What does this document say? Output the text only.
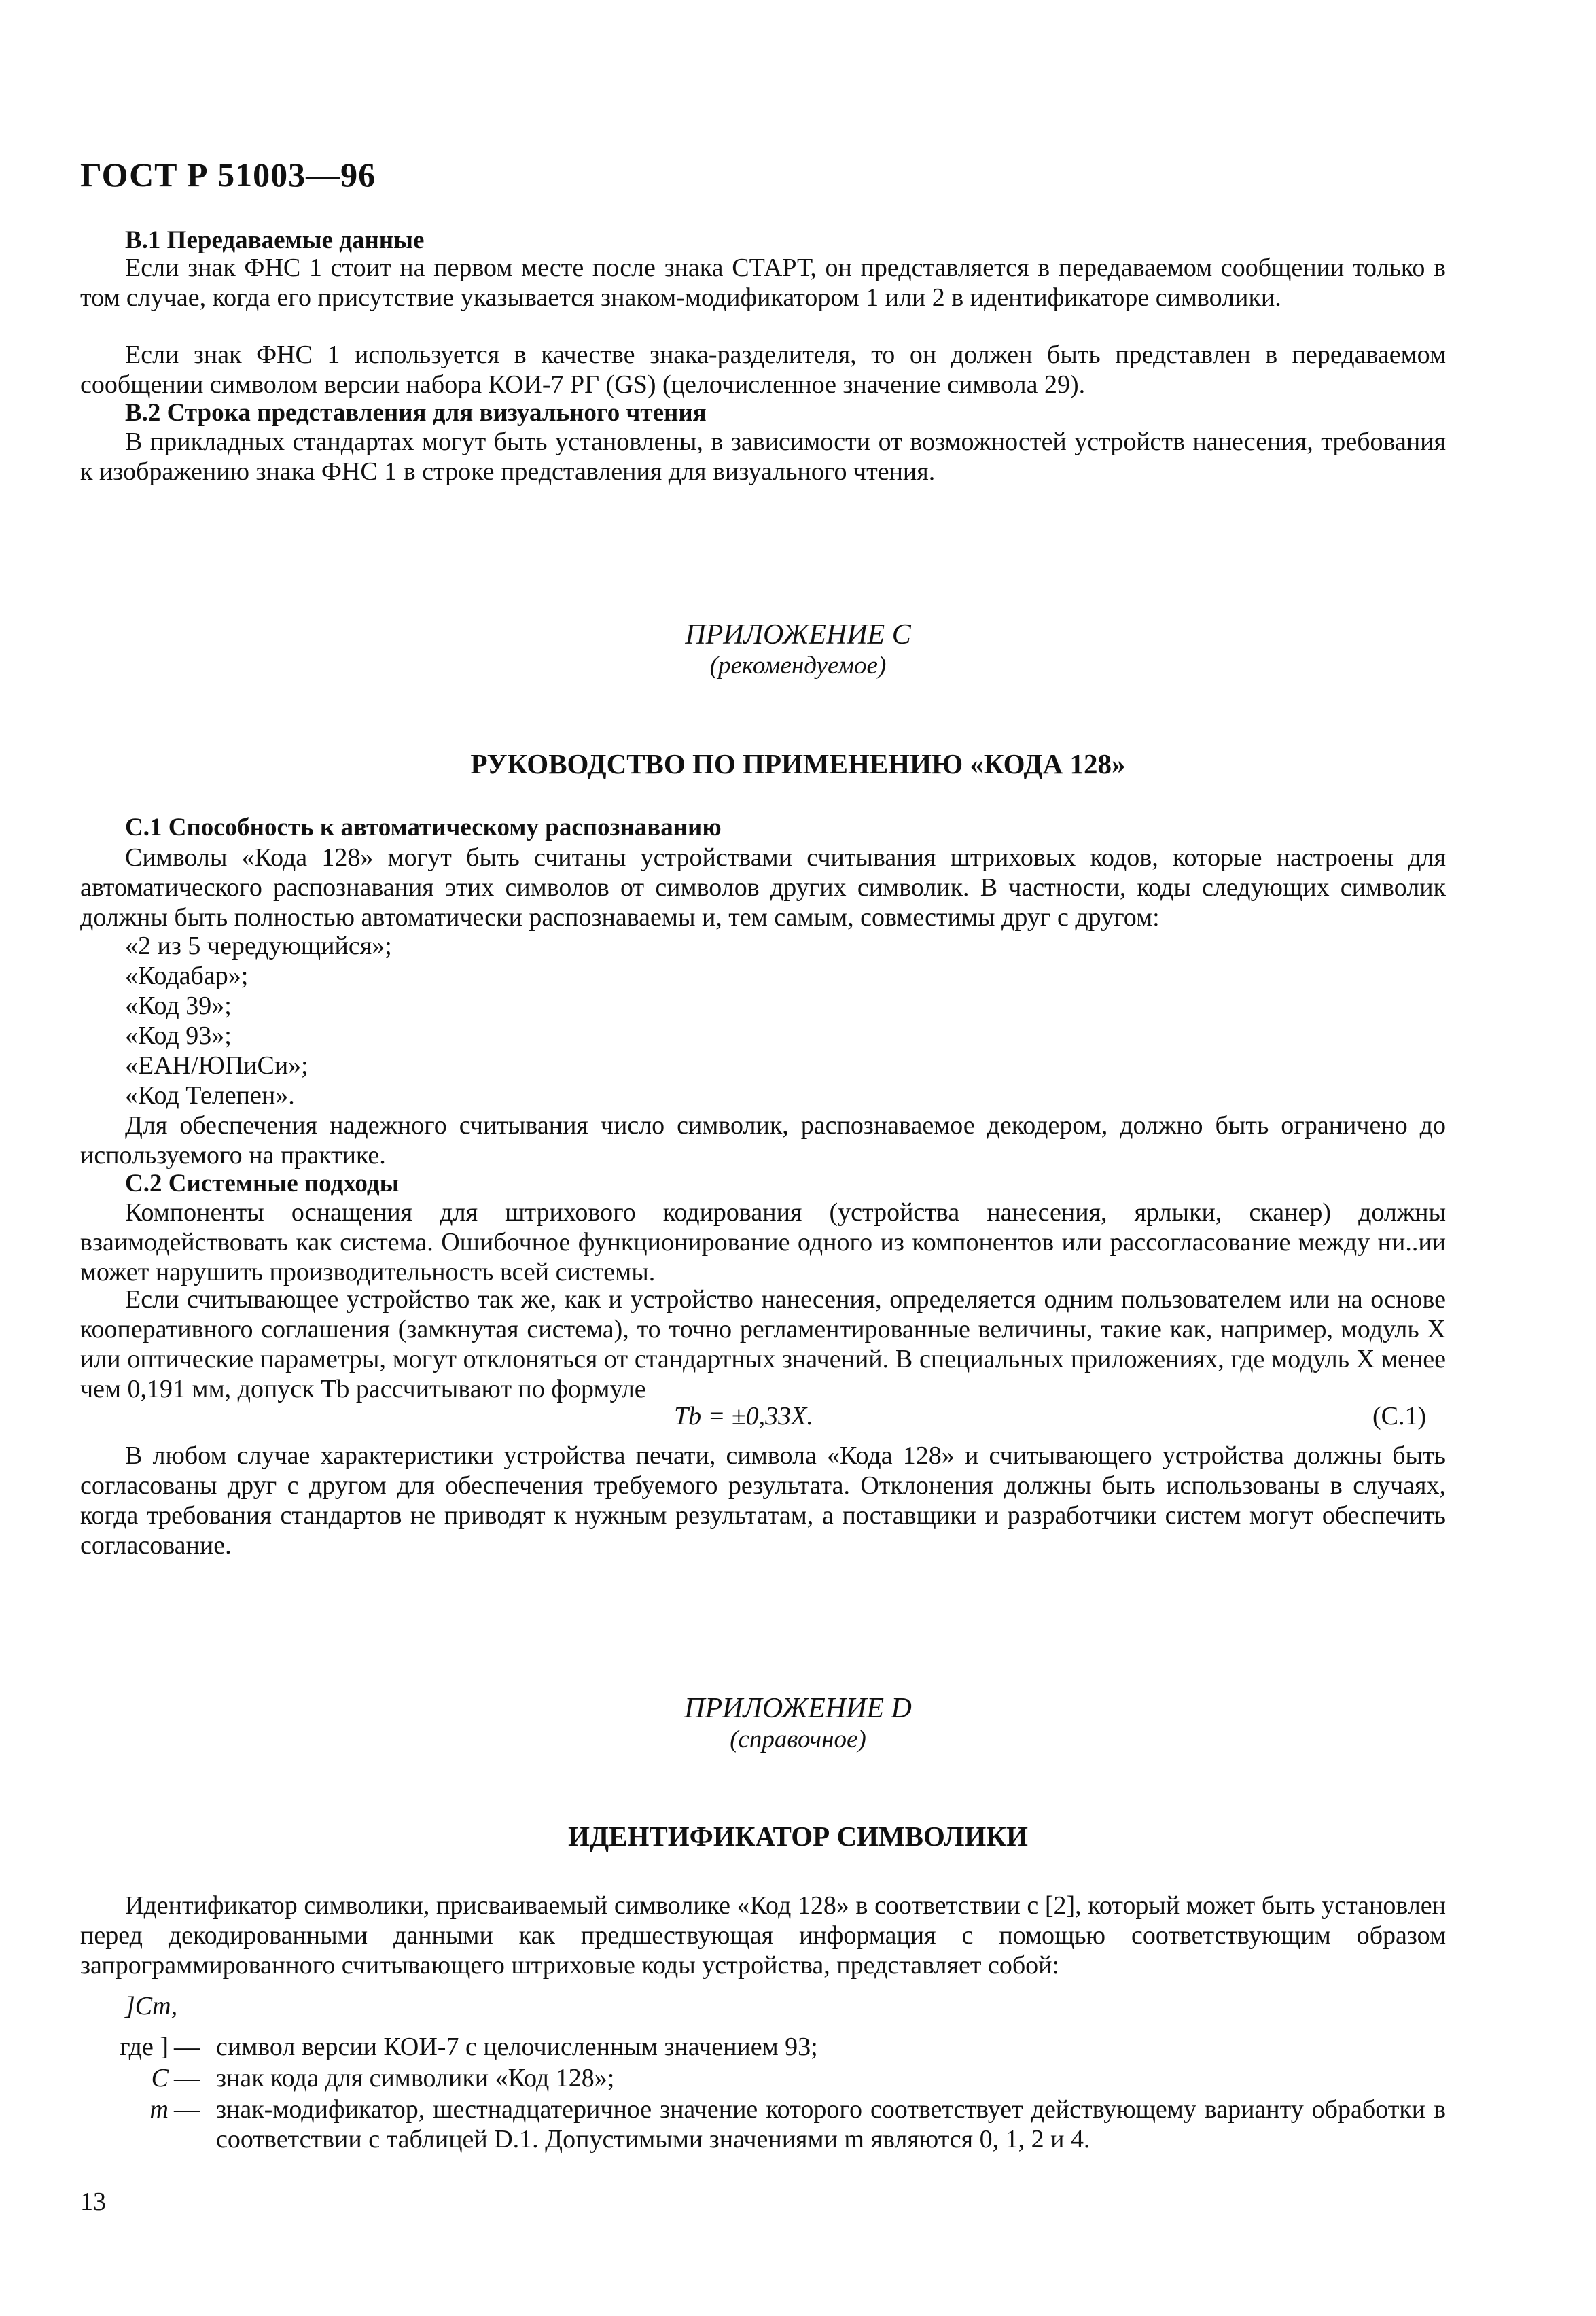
ГОСТ Р 51003—96
В.1 Передаваемые данные
Если знак ФНС 1 стоит на первом месте после знака СТАРТ, он представляется в передаваемом сообщении только в том случае, когда его присутствие указывается знаком-модификатором 1 или 2 в идентификаторе символики.
Если знак ФНС 1 используется в качестве знака-разделителя, то он должен быть представлен в передаваемом сообщении символом версии набора КОИ-7 РГ (GS) (целочисленное значение символа 29).
В.2 Строка представления для визуального чтения
В прикладных стандартах могут быть установлены, в зависимости от возможностей устройств нанесения, требования к изображению знака ФНС 1 в строке представления для визуального чтения.
ПРИЛОЖЕНИЕ C
(рекомендуемое)
РУКОВОДСТВО ПО ПРИМЕНЕНИЮ «КОДА 128»
С.1 Способность к автоматическому распознаванию
Символы «Кода 128» могут быть считаны устройствами считывания штриховых кодов, которые настроены для автоматического распознавания этих символов от символов других символик. В частности, коды следующих символик должны быть полностью автоматически распознаваемы и, тем самым, совместимы друг с другом:
«2 из 5 чередующийся»;
«Кодабар»;
«Код 39»;
«Код 93»;
«ЕАН/ЮПиСи»;
«Код Телепен».
Для обеспечения надежного считывания число символик, распознаваемое декодером, должно быть ограничено до используемого на практике.
С.2 Системные подходы
Компоненты оснащения для штрихового кодирования (устройства нанесения, ярлыки, сканер) должны взаимодействовать как система. Ошибочное функционирование одного из компонентов или рассогласование между ни..ии может нарушить производительность всей системы.
Если считывающее устройство так же, как и устройство нанесения, определяется одним пользователем или на основе кооперативного соглашения (замкнутая система), то точно регламентированные величины, такие как, например, модуль X или оптические параметры, могут отклоняться от стандартных значений. В специальных приложениях, где модуль X менее чем 0,191 мм, допуск Tb рассчитывают по формуле
Tb = ±0,33X.	(C.1)
В любом случае характеристики устройства печати, символа «Кода 128» и считывающего устройства должны быть согласованы друг с другом для обеспечения требуемого результата. Отклонения должны быть использованы в случаях, когда требования стандартов не приводят к нужным результатам, а поставщики и разработчики систем могут обеспечить согласование.
ПРИЛОЖЕНИЕ D
(справочное)
ИДЕНТИФИКАТОР СИМВОЛИКИ
Идентификатор символики, присваиваемый символике «Код 128» в соответствии с [2], который может быть установлен перед декодированными данными как предшествующая информация с помощью соответствующим образом запрограммированного считывающего штриховые коды устройства, представляет собой:
]Cm,
где ] — символ версии КОИ-7 с целочисленным значением 93;
C — знак кода для символики «Код 128»;
m — знак-модификатор, шестнадцатеричное значение которого соответствует действующему варианту обработки в соответствии с таблицей D.1. Допустимыми значениями m являются 0, 1, 2 и 4.
13
